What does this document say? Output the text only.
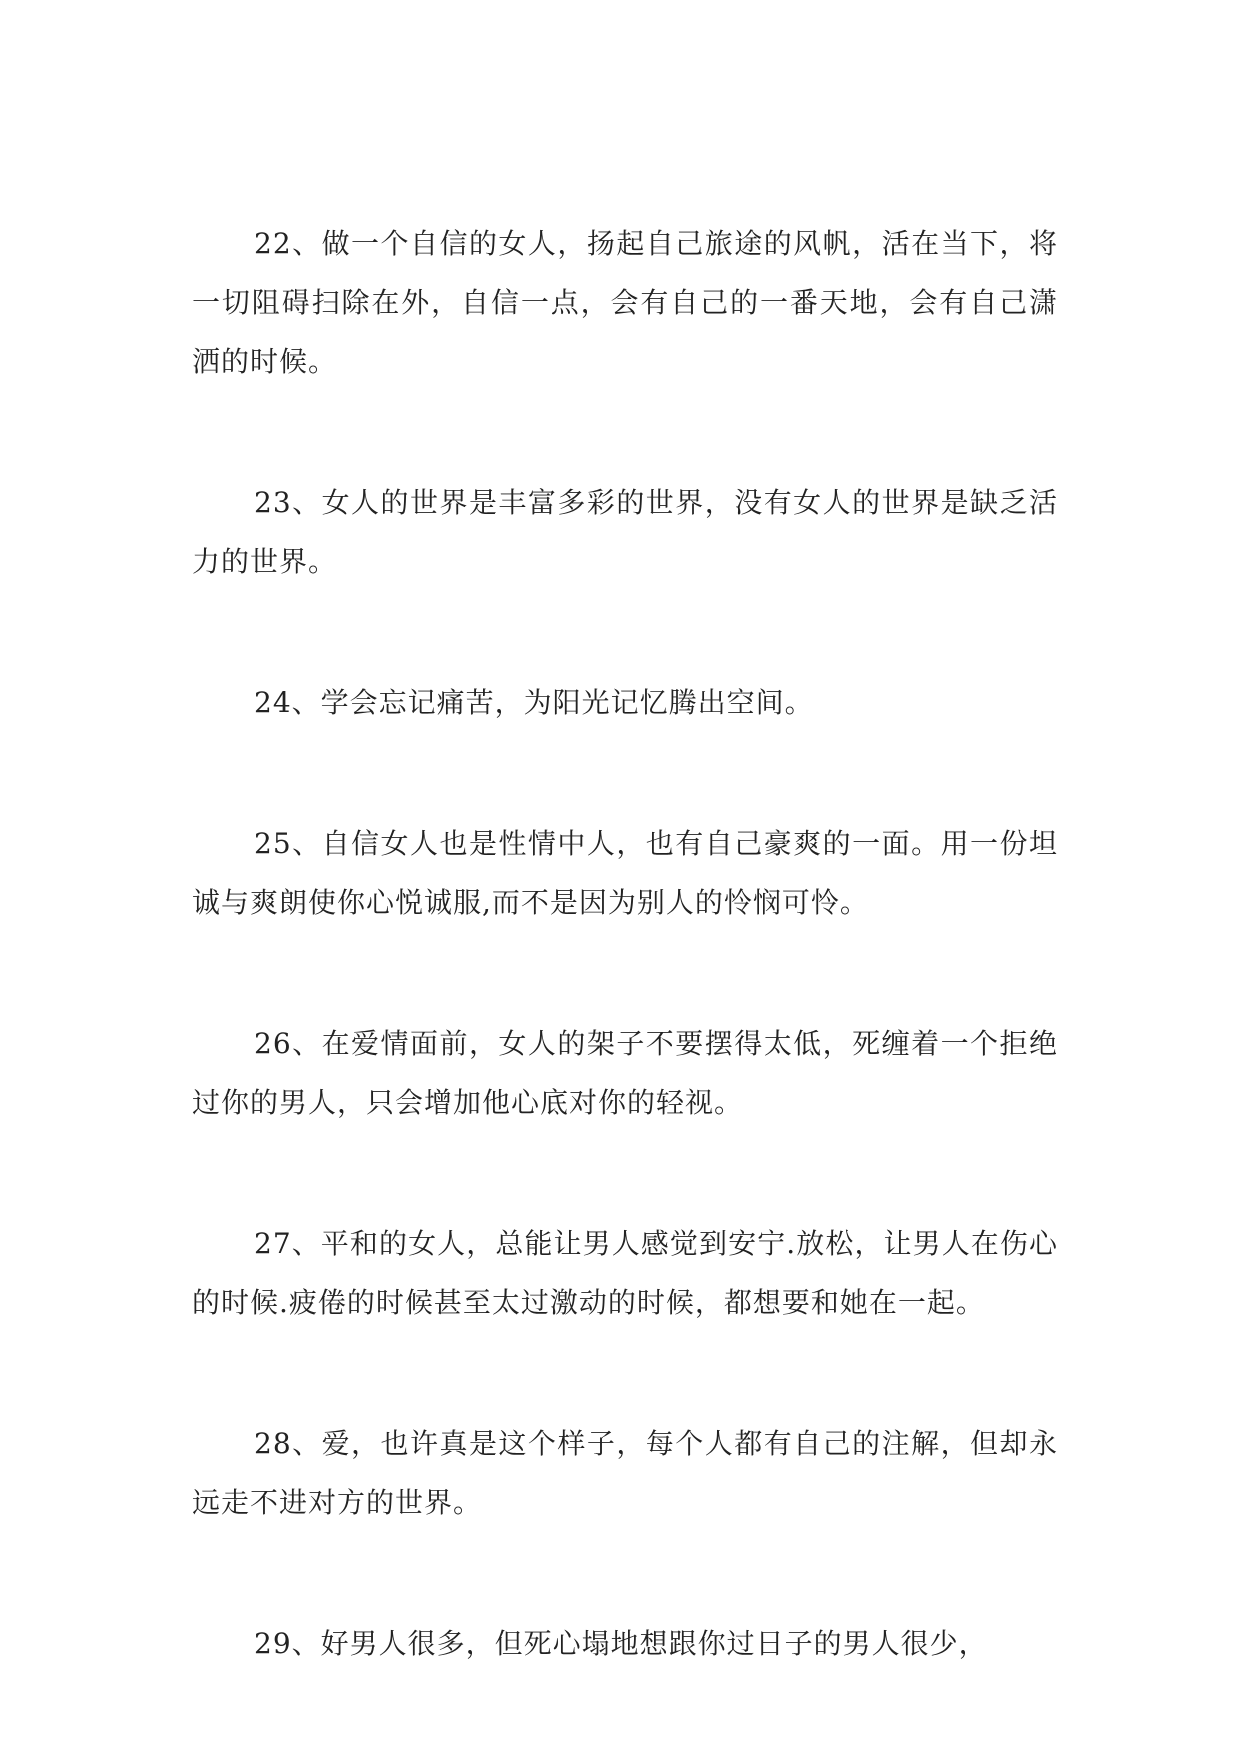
22、做一个自信的女人，扬起自己旅途的风帆，活在当下，将一切阻碍扫除在外，自信一点，会有自己的一番天地，会有自己潇洒的时候。

23、女人的世界是丰富多彩的世界，没有女人的世界是缺乏活力的世界。

24、学会忘记痛苦，为阳光记忆腾出空间。

25、自信女人也是性情中人，也有自己豪爽的一面。用一份坦诚与爽朗使你心悦诚服,而不是因为别人的怜悯可怜。

26、在爱情面前，女人的架子不要摆得太低，死缠着一个拒绝过你的男人，只会增加他心底对你的轻视。

27、平和的女人，总能让男人感觉到安宁.放松，让男人在伤心的时候.疲倦的时候甚至太过激动的时候，都想要和她在一起。

28、爱，也许真是这个样子，每个人都有自己的注解，但却永远走不进对方的世界。

29、好男人很多，但死心塌地想跟你过日子的男人很少，
